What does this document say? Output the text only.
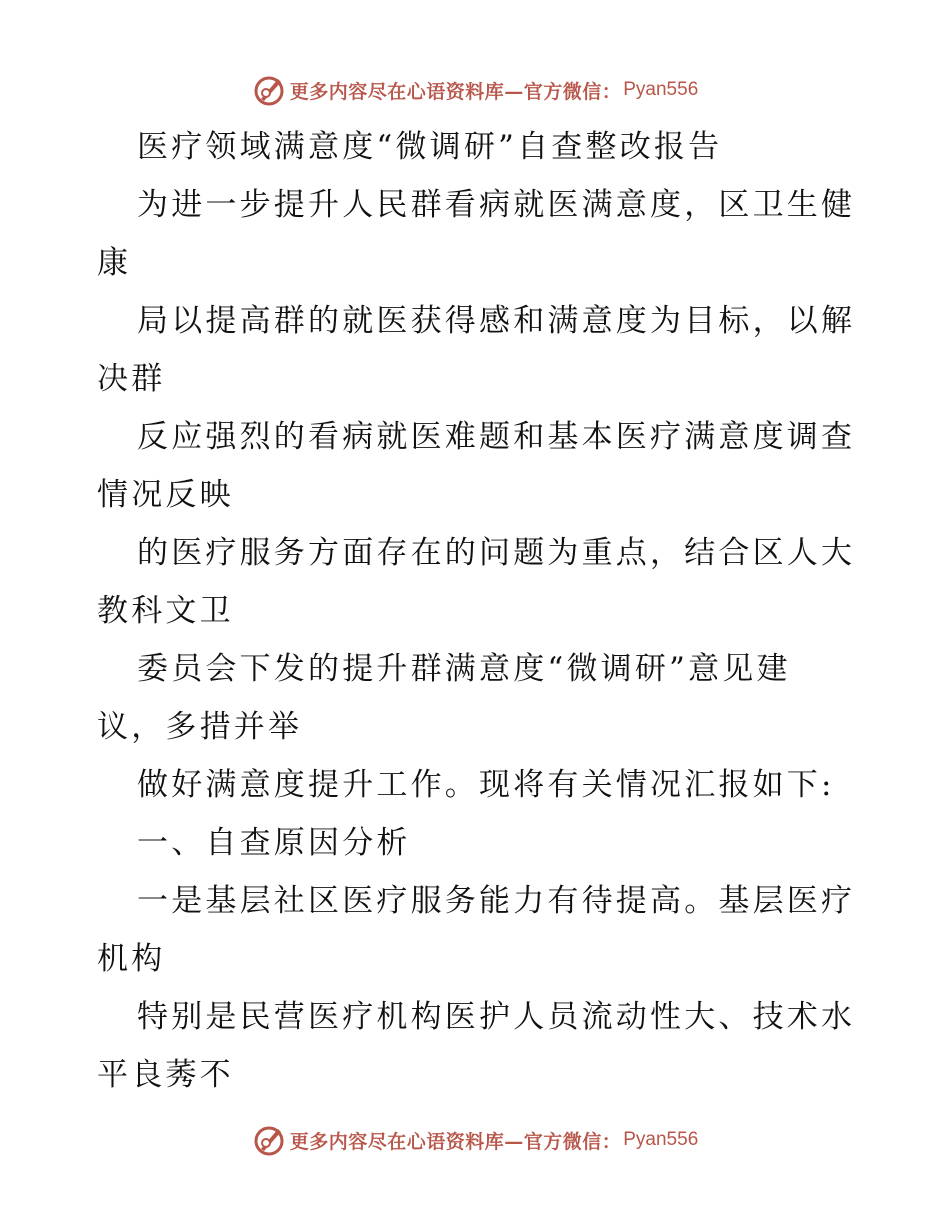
更多内容尽在心语资料库—官方微信： Pyan556
医疗领域满意度“微调研”自查整改报告
为进一步提升人民群看病就医满意度，区卫生健
康
局以提高群的就医获得感和满意度为目标，以解
决群
反应强烈的看病就医难题和基本医疗满意度调查
情况反映
的医疗服务方面存在的问题为重点，结合区人大
教科文卫
委员会下发的提升群满意度“微调研”意见建
议，多措并举
做好满意度提升工作。现将有关情况汇报如下:
一、自查原因分析
一是基层社区医疗服务能力有待提高。基层医疗
机构
特别是民营医疗机构医护人员流动性大、技术水
平良莠不
更多内容尽在心语资料库—官方微信： Pyan556
